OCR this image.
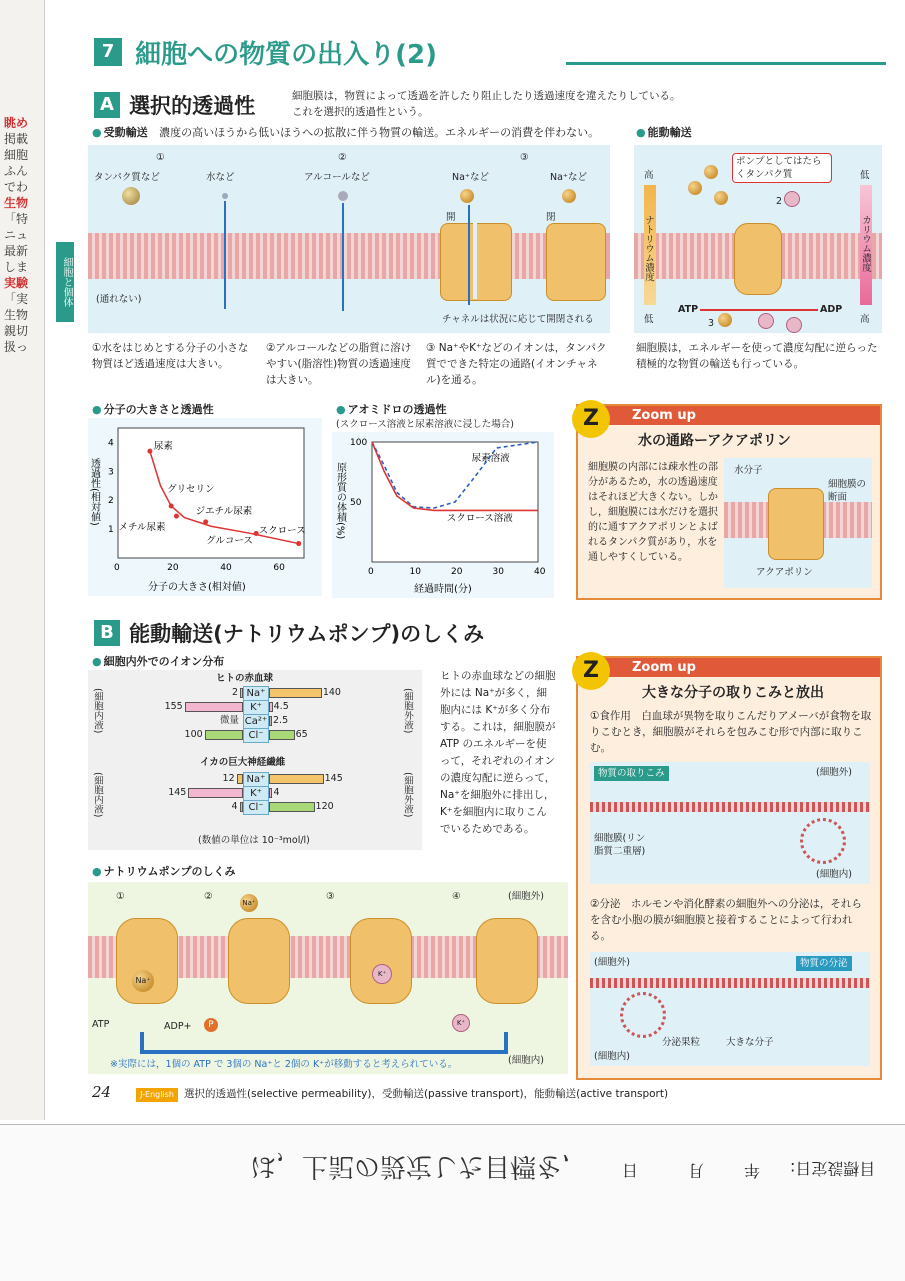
眺め
掲載
細胞
ふん
でわ
生物
「特
ニュ
最新
しま
実験
「実
生物
親切
扱っ
細胞と個体
7 細胞への物質の出入り(2)
A 選択的透過性	細胞膜は，物質によって透過を許したり阻止したり透過速度を違えたりしている。
これを選択的透過性という。
● 受動輸送 濃度の高いほうから低いほうへの拡散に伴う物質の輸送。エネルギーの消費を伴わない。
①	②	③
タンパク質など	水など	アルコールなど	Na⁺など	Na⁺など
開	閉
(通れない)
チャネルは状況に応じて開閉される
①水をはじめとする分子の小さな物質ほど透過速度は大きい。
②アルコールなどの脂質に溶けやすい(脂溶性)物質の透過速度は大きい。
③ Na⁺やK⁺などのイオンは，タンパク質でできた特定の通路(イオンチャネル)を通る。
● 能動輸送
高
低
低
高
ナトリウム濃度	カリウム濃度
ポンプとしてはたらくタンパク質
2
ATP	ADP
3
細胞膜は，エネルギーを使って濃度勾配に逆らった積極的な物質の輸送も行っている。
● 分子の大きさと透過性
4
3
2
1
0	20	40	60
分子の大きさ(相対値)
透過性(相対値)
尿素
グリセリン
メチル尿素
ジエチル尿素
グルコース
スクロース
● アオミドロの透過性
(スクロース溶液と尿素溶液に浸した場合)
100
50
0	10	20	30	40
経過時間(分)
原形質の体積(%)
尿素溶液
スクロース溶液
Zoom up
Z
水の通路ーアクアポリン
細胞膜の内部には疎水性の部分があるため，水の透過速度はそれほど大きくない。しかし，細胞膜には水だけを選択的に通すアクアポリンとよばれるタンパク質があり，水を通しやすくしている。
水分子
細胞膜の断面
アクアポリン
B 能動輸送(ナトリウムポンプ)のしくみ
● 細胞内外でのイオン分布
ヒトの赤血球
(細胞内液)	(細胞外液)
Na⁺
2	140
K⁺
155	4.5
Ca²⁺
微量	2.5
Cl⁻
100	65
イカの巨大神経繊維
(細胞内液)	(細胞外液)
Na⁺
12	145
K⁺
145	4
Cl⁻
4	120
(数値の単位は 10⁻³mol/l)
ヒトの赤血球などの細胞外には Na⁺が多く，細胞内には K⁺が多く分布する。これは，細胞膜が ATP のエネルギーを使って，それぞれのイオンの濃度勾配に逆らって，Na⁺を細胞外に排出し，K⁺を細胞内に取りこんでいるためである。
● ナトリウムポンプのしくみ
(細胞外)
(細胞内)
①	②	③	④
Na⁺
Na⁺
K⁺
K⁺
ATP	ADP+	P
※実際には，1個の ATP で 3個の Na⁺と 2個の K⁺が移動すると考えられている。
Zoom up
Z
大きな分子の取りこみと放出
①食作用　白血球が異物を取りこんだりアメーバが食物を取りこむとき，細胞膜がそれらを包みこむ形で内部に取りこむ。
物質の取りこみ	(細胞外)
細胞膜(リン脂質二重層)
(細胞内)
②分泌　ホルモンや消化酵素の細胞外への分泌は，それらを含む小胞の膜が細胞膜と接着することによって行われる。
(細胞外)	物質の分泌
分泌果粒	大きな分子
(細胞内)
24	J-English 選択的透過性(selective permeability)，受動輸送(passive transport)，能動輸送(active transport)
は，上記の設定した目標を,	日	月 年 目標設定日:
